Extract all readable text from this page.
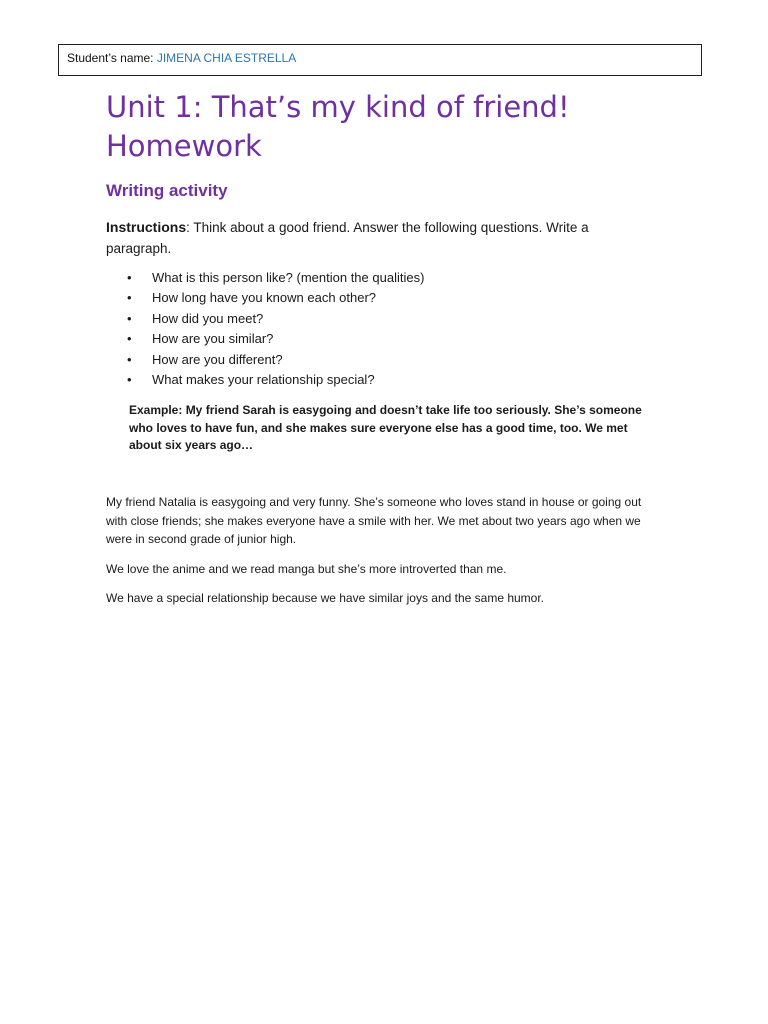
Student’s name: JIMENA CHIA ESTRELLA
Unit 1: That’s my kind of friend! Homework
Writing activity

Instructions: Think about a good friend. Answer the following questions. Write a paragraph.

• What is this person like? (mention the qualities)
• How long have you known each other?
• How did you meet?
• How are you similar?
• How are you different?
• What makes your relationship special?

Example: My friend Sarah is easygoing and doesn’t take life too seriously. She’s someone who loves to have fun, and she makes sure everyone else has a good time, too. We met about six years ago…

My friend Natalia is easygoing and very funny. She’s someone who loves stand in house or going out with close friends; she makes everyone have a smile with her. We met about two years ago when we were in second grade of junior high.

We love the anime and we read manga but she’s more introverted than me.

We have a special relationship because we have similar joys and the same humor.
